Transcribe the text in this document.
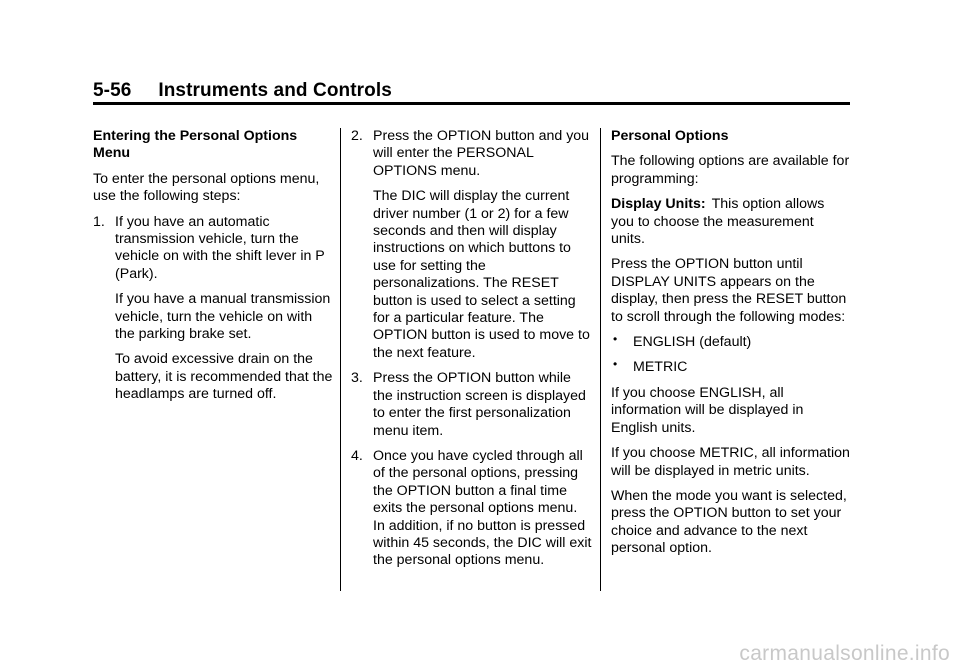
5-56     Instruments and Controls

Entering the Personal Options Menu

To enter the personal options menu, use the following steps:

1. If you have an automatic transmission vehicle, turn the vehicle on with the shift lever in P (Park).
If you have a manual transmission vehicle, turn the vehicle on with the parking brake set.
To avoid excessive drain on the battery, it is recommended that the headlamps are turned off.
2. Press the OPTION button and you will enter the PERSONAL OPTIONS menu.
The DIC will display the current driver number (1 or 2) for a few seconds and then will display instructions on which buttons to use for setting the personalizations. The RESET button is used to select a setting for a particular feature. The OPTION button is used to move to the next feature.
3. Press the OPTION button while the instruction screen is displayed to enter the first personalization menu item.
4. Once you have cycled through all of the personal options, pressing the OPTION button a final time exits the personal options menu. In addition, if no button is pressed within 45 seconds, the DIC will exit the personal options menu.

Personal Options

The following options are available for programming:

Display Units: This option allows you to choose the measurement units.

Press the OPTION button until DISPLAY UNITS appears on the display, then press the RESET button to scroll through the following modes:

• ENGLISH (default)
• METRIC

If you choose ENGLISH, all information will be displayed in English units.

If you choose METRIC, all information will be displayed in metric units.

When the mode you want is selected, press the OPTION button to set your choice and advance to the next personal option.

carmanualsonline.info
